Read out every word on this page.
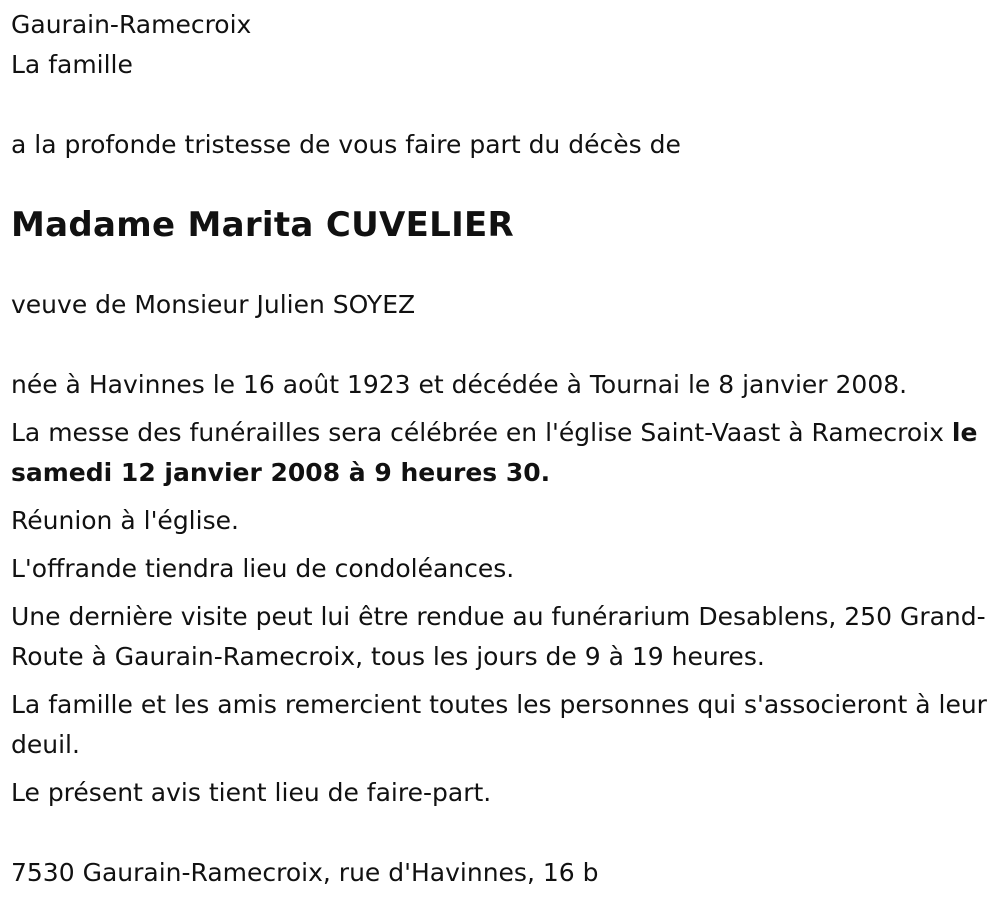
Gaurain-Ramecroix

La famille

a la profonde tristesse de vous faire part du décès de

Madame Marita CUVELIER

veuve de Monsieur Julien SOYEZ

née à Havinnes le 16 août 1923 et décédée à Tournai le 8 janvier 2008.

La messe des funérailles sera célébrée en l'église Saint-Vaast à Ramecroix le samedi 12 janvier 2008 à 9 heures 30.

Réunion à l'église.

L'offrande tiendra lieu de condoléances.

Une dernière visite peut lui être rendue au funérarium Desablens, 250 Grand-Route à Gaurain-Ramecroix, tous les jours de 9 à 19 heures.

La famille et les amis remercient toutes les personnes qui s'associeront à leur deuil.

Le présent avis tient lieu de faire-part.

7530 Gaurain-Ramecroix, rue d'Havinnes, 16 b
